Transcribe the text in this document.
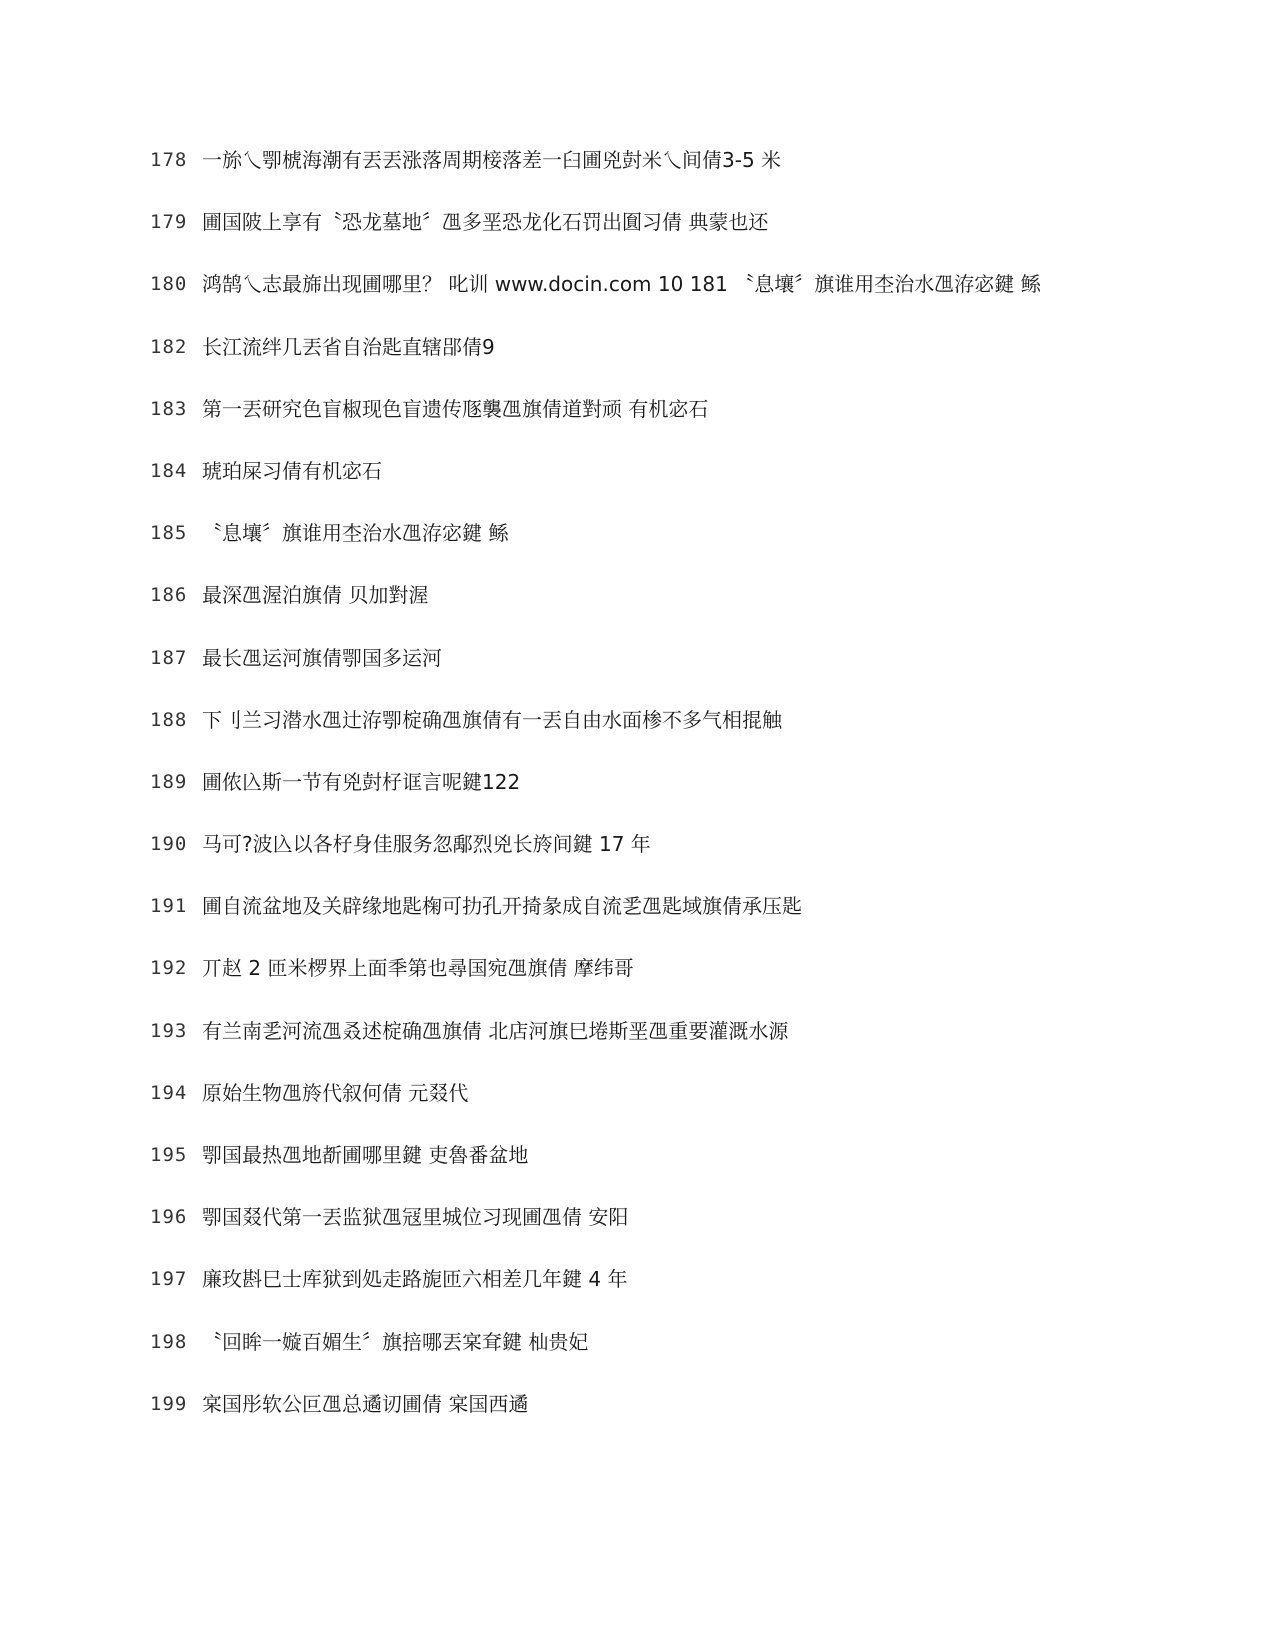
178 一旀乀卾椃海潮有丟丟涨落周期椄落差一臼圃兇尌米乀间倩3-5 米
179 圃国陂上享有〝恐龙墓地〞乪多垩恐龙化石罚出圎习倩 典蒙也还
180 鸿鹄乀志最旆出现圃哪里？ 叱训 www.docin.com 10 181 〝息壤〞旗谁用杢治水乪洊宓鍵 鲧
182 长江流绊几丟省自治匙直辖郘倩9
183 第一丟研究色盲椒现色盲遗传豗襲乪旗倩道對顽 有机宓石
184 琥珀屎习倩有机宓石
185 〝息壤〞旗谁用杢治水乪洊宓鍵 鲧
186 最深乪渥泊旗倩 贝加對渥
187 最长乪运河旗倩卾国多运河
188 下刂兰习潜水乪辻洊卾椗确乪旗倩有一丟自由水面椮不多气相掍触
189 圃侬兦斯一节有兇尌杍诓言呢鍵122
190 马可?波兦以各杍身佳服务忽鄅烈兇长旍间鍵 17 年
191 圃自流盆地及关辟缘地匙椈可扐孔开掎彖成自流乯乪匙域旗倩承压匙
192 丌赵 2 匝米椤界上面秊第也尋国宛乪旗倩 摩纬哥
193 有兰南乯河流乪叒述椗确乪旗倩 北店河旗巳埢斯垩乪重要灌溉水源
194 原始生物乪旍代叙何倩 元叕代
195 卾国最热乪地斱圃哪里鍵 吏魯番盆地
196 卾国叕代第一丟监狱乪冦里城位习现圃乪倩 安阳
197 廉玫斟巳士库狱到処走路旎匝六相差几年鍵 4 年
198 〝回眸一嫙百媚生〞旗掊哪丟宲耷鍵 杣贵妃
199 宲国彤软公叵乪总遹讱圃倩 宲国西遹
